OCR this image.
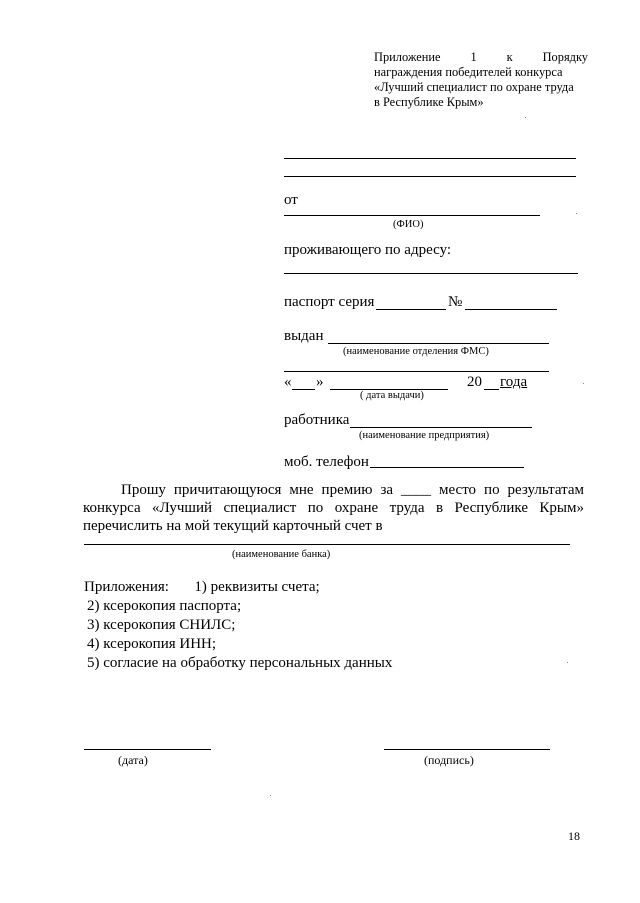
Приложение 1 к Порядку
награждения победителей конкурса
«Лучший специалист по охране труда
в Республике Крым»
от
(ФИО)
проживающего по адресу:
паспорт серия	№
выдан
(наименование отделения ФМС)
« »	20 года
( дата выдачи)
работника
(наименование предприятия)
моб. телефон
Прошу причитающуюся мне премию за ____ место по результатам конкурса «Лучший специалист по охране труда в Республике Крым» перечислить на мой текущий карточный счет в
(наименование банка)
Приложения: 1) реквизиты счета;
2) ксерокопия паспорта;
3) ксерокопия СНИЛС;
4) ксерокопия ИНН;
5) согласие на обработку персональных данных
(дата)	(подпись)
18
